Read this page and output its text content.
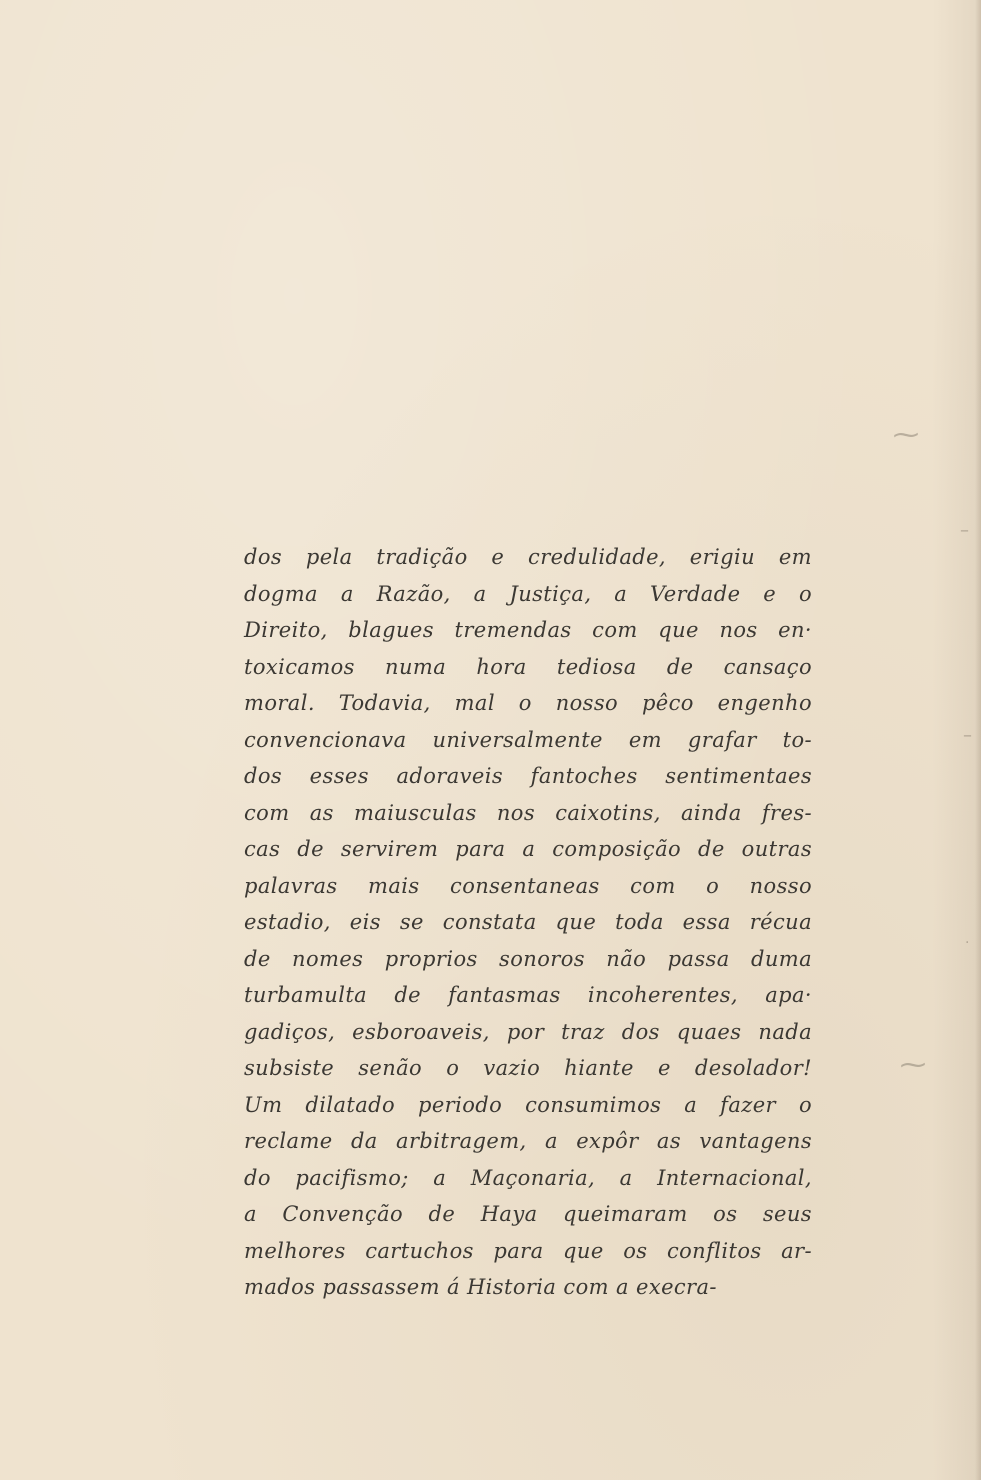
⁓
⁓
–
–
·
dos pela tradição e credulidade, erigiu em
dogma a Razão, a Justiça, a Verdade e o
Direito, blagues tremendas com que nos en·
toxicamos numa hora tediosa de cansaço
moral. Todavia, mal o nosso pêco engenho
convencionava universalmente em grafar to-
dos esses adoraveis fantoches sentimentaes
com as maiusculas nos caixotins, ainda fres-
cas de servirem para a composição de outras
palavras mais consentaneas com o nosso
estadio, eis se constata que toda essa récua
de nomes proprios sonoros não passa duma
turbamulta de fantasmas incoherentes, apa·
gadiços, esboroaveis, por traz dos quaes nada
subsiste senão o vazio hiante e desolador!
Um dilatado periodo consumimos a fazer o
reclame da arbitragem, a expôr as vantagens
do pacifismo; a Maçonaria, a Internacional,
a Convenção de Haya queimaram os seus
melhores cartuchos para que os conflitos ar-
mados passassem á Historia com a execra-
